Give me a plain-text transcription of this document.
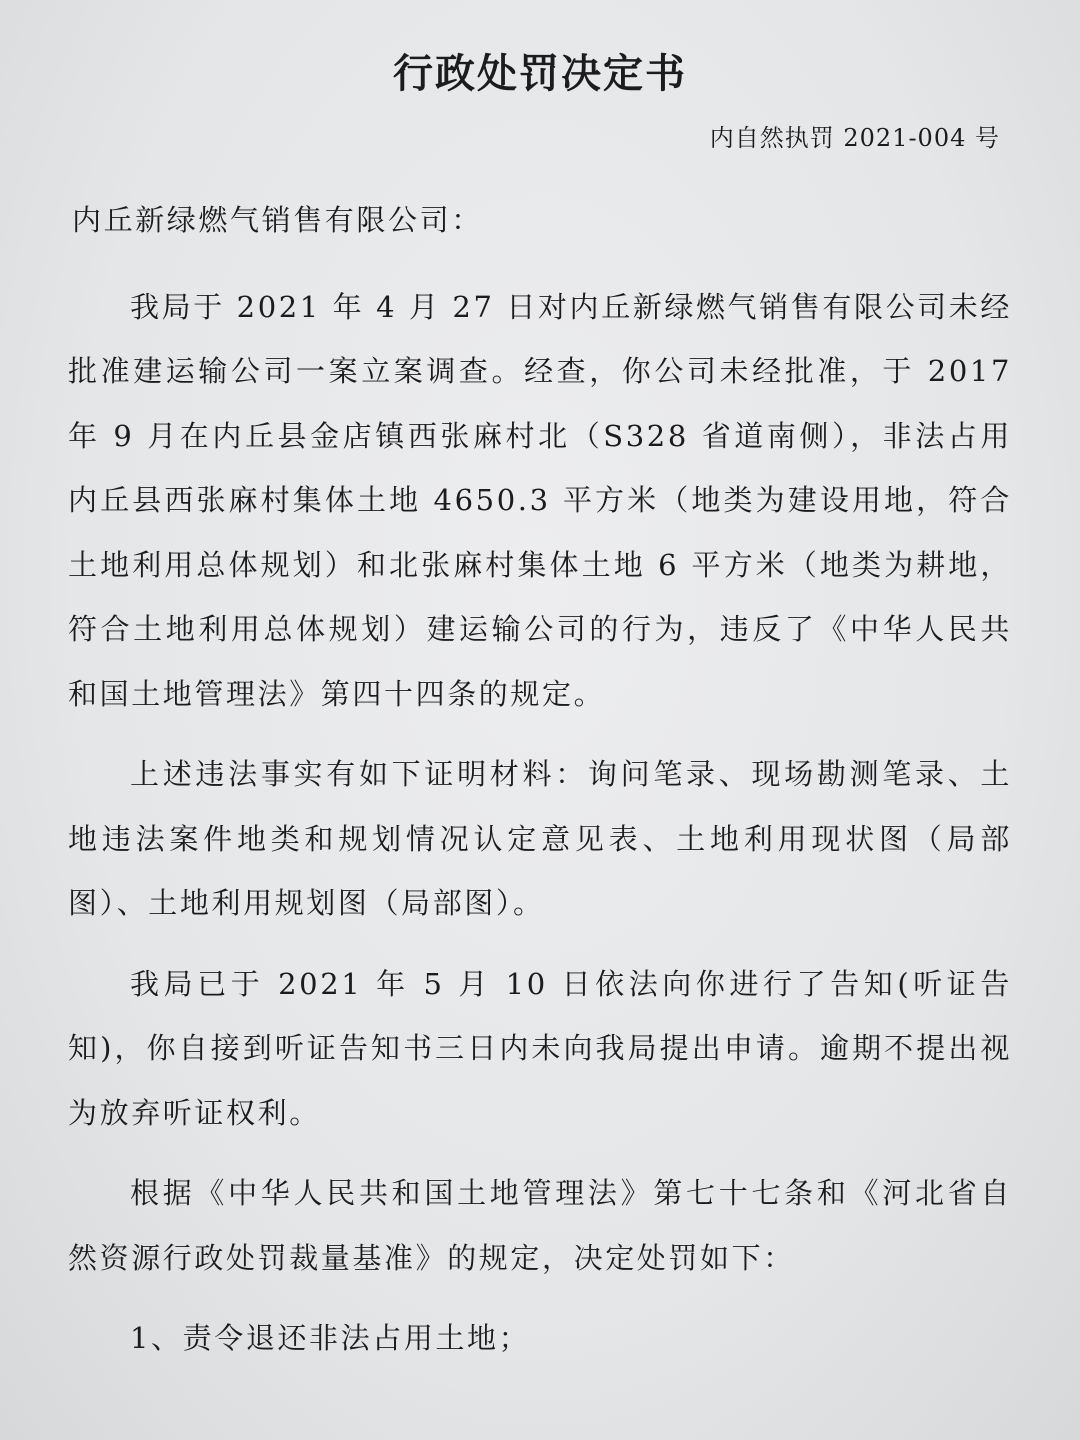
行政处罚决定书
内自然执罚 2021-004 号

内丘新绿燃气销售有限公司：

我局于 2021 年 4 月 27 日对内丘新绿燃气销售有限公司未经批准建运输公司一案立案调查。经查，你公司未经批准，于 2017 年 9 月在内丘县金店镇西张麻村北（S328 省道南侧），非法占用内丘县西张麻村集体土地 4650.3 平方米（地类为建设用地，符合土地利用总体规划）和北张麻村集体土地 6 平方米（地类为耕地，符合土地利用总体规划）建运输公司的行为，违反了《中华人民共和国土地管理法》第四十四条的规定。

上述违法事实有如下证明材料：询问笔录、现场勘测笔录、土地违法案件地类和规划情况认定意见表、土地利用现状图（局部图）、土地利用规划图（局部图）。

我局已于 2021 年 5 月 10 日依法向你进行了告知(听证告知)，你自接到听证告知书三日内未向我局提出申请。逾期不提出视为放弃听证权利。

根据《中华人民共和国土地管理法》第七十七条和《河北省自然资源行政处罚裁量基准》的规定，决定处罚如下：

1、责令退还非法占用土地；
